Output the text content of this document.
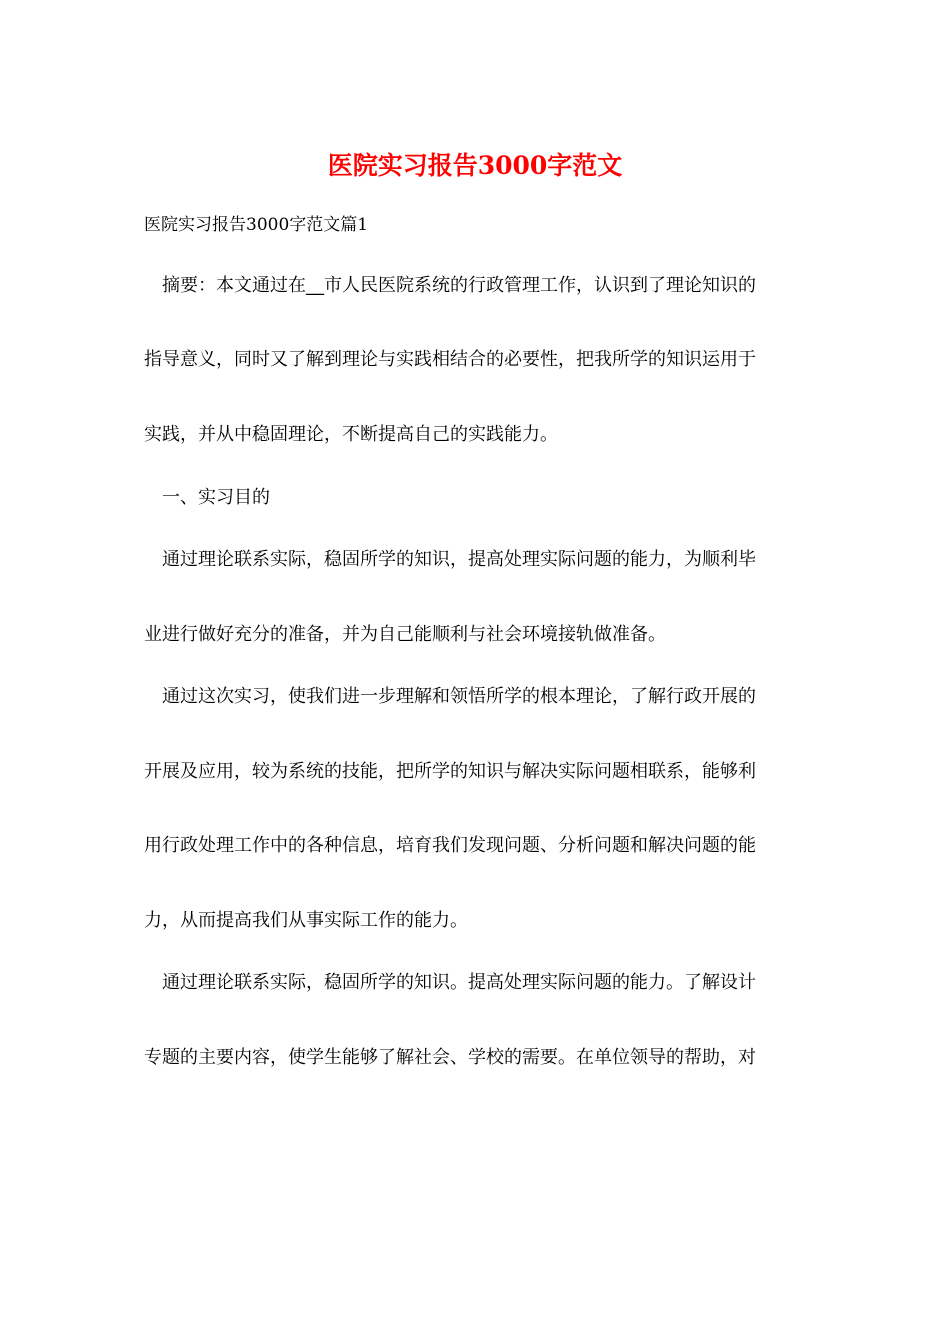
医院实习报告3000字范文

医院实习报告3000字范文篇1

摘要：本文通过在__市人民医院系统的行政管理工作，认识到了理论知识的

指导意义，同时又了解到理论与实践相结合的必要性，把我所学的知识运用于

实践，并从中稳固理论，不断提高自己的实践能力。

一、实习目的

通过理论联系实际，稳固所学的知识，提高处理实际问题的能力，为顺利毕

业进行做好充分的准备，并为自己能顺利与社会环境接轨做准备。

通过这次实习，使我们进一步理解和领悟所学的根本理论，了解行政开展的

开展及应用，较为系统的技能，把所学的知识与解决实际问题相联系，能够利

用行政处理工作中的各种信息，培育我们发现问题、分析问题和解决问题的能

力，从而提高我们从事实际工作的能力。

通过理论联系实际，稳固所学的知识。提高处理实际问题的能力。了解设计

专题的主要内容，使学生能够了解社会、学校的需要。在单位领导的帮助，对
